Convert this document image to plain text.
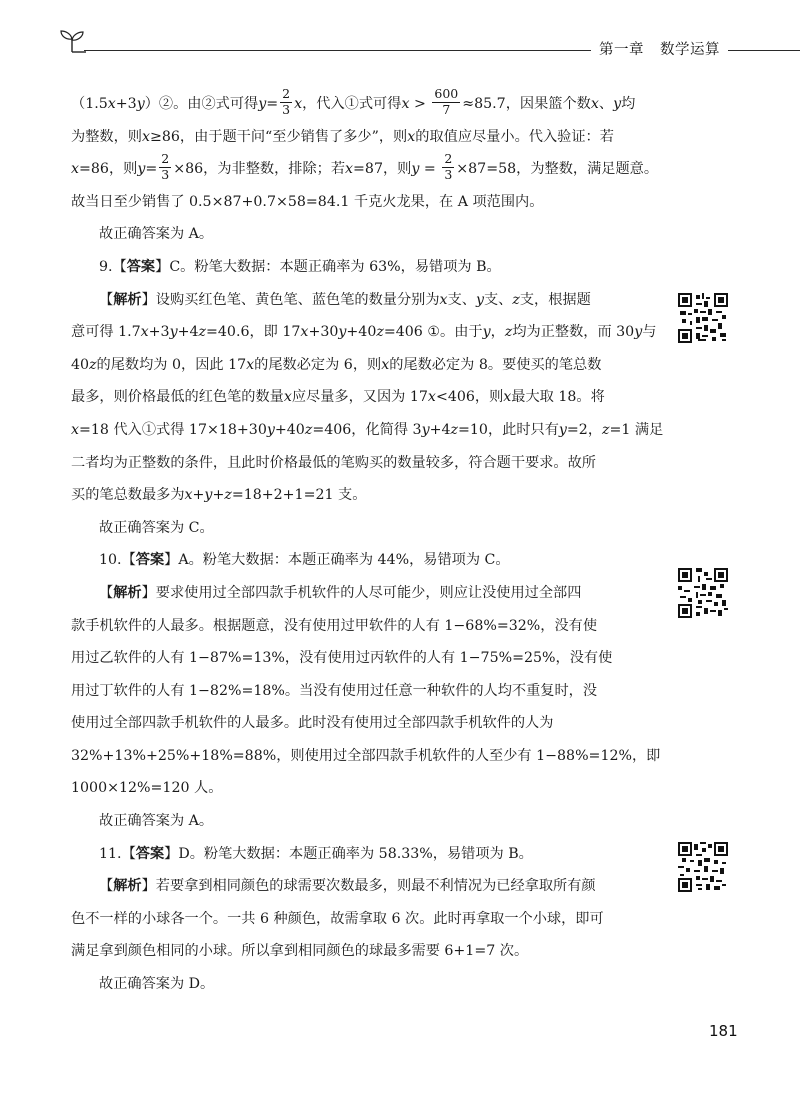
第一章 数学运算
（1.5x+3y）②。由②式可得$y= \frac{2}{3}$ x，代入①式可得$x > \frac{600}{7} \approx 85.7$，因果篮个数x、y均
为整数，则x≥86，由于题干问“至少销售了多少”，则x的取值应尽量小。代入验证：若
x=86，则$y= \frac{2}{3} \times 86$，为非整数，排除；若x=87，则$y = \frac{2}{3} \times 87=58$，为整数，满足题意。
故当日至少销售了 0.5×87+0.7×58=84.1 千克火龙果，在 A 项范围内。
故正确答案为 A。
9.【答案】C。粉笔大数据：本题正确率为 63%，易错项为 B。
【解析】设购买红色笔、黄色笔、蓝色笔的数量分别为x支、y支、z支，根据题
意可得 1.7x+3y+4z=40.6，即 17x+30y+40z=406 ①。由于y，z均为正整数，而 30y与
40z的尾数均为 0，因此 17x的尾数必定为 6，则x的尾数必定为 8。要使买的笔总数
最多，则价格最低的红色笔的数量x应尽量多，又因为 17x<406，则x最大取 18。将
x=18 代入①式得 17×18+30y+40z=406，化简得 3y+4z=10，此时只有y=2，z=1 满足
二者均为正整数的条件，且此时价格最低的笔购买的数量较多，符合题干要求。故所
买的笔总数最多为x+y+z=18+2+1=21 支。
故正确答案为 C。
10.【答案】A。粉笔大数据：本题正确率为 44%，易错项为 C。
【解析】要求使用过全部四款手机软件的人尽可能少，则应让没使用过全部四
款手机软件的人最多。根据题意，没有使用过甲软件的人有 1−68%=32%，没有使
用过乙软件的人有 1−87%=13%，没有使用过丙软件的人有 1−75%=25%，没有使
用过丁软件的人有 1−82%=18%。当没有使用过任意一种软件的人均不重复时，没
使用过全部四款手机软件的人最多。此时没有使用过全部四款手机软件的人为
32%+13%+25%+18%=88%，则使用过全部四款手机软件的人至少有 1−88%=12%，即
1000×12%=120 人。
故正确答案为 A。
11.【答案】D。粉笔大数据：本题正确率为 58.33%，易错项为 B。
【解析】若要拿到相同颜色的球需要次数最多，则最不利情况为已经拿取所有颜
色不一样的小球各一个。一共 6 种颜色，故需拿取 6 次。此时再拿取一个小球，即可
满足拿到颜色相同的小球。所以拿到相同颜色的球最多需要 6+1=7 次。
故正确答案为 D。
181
